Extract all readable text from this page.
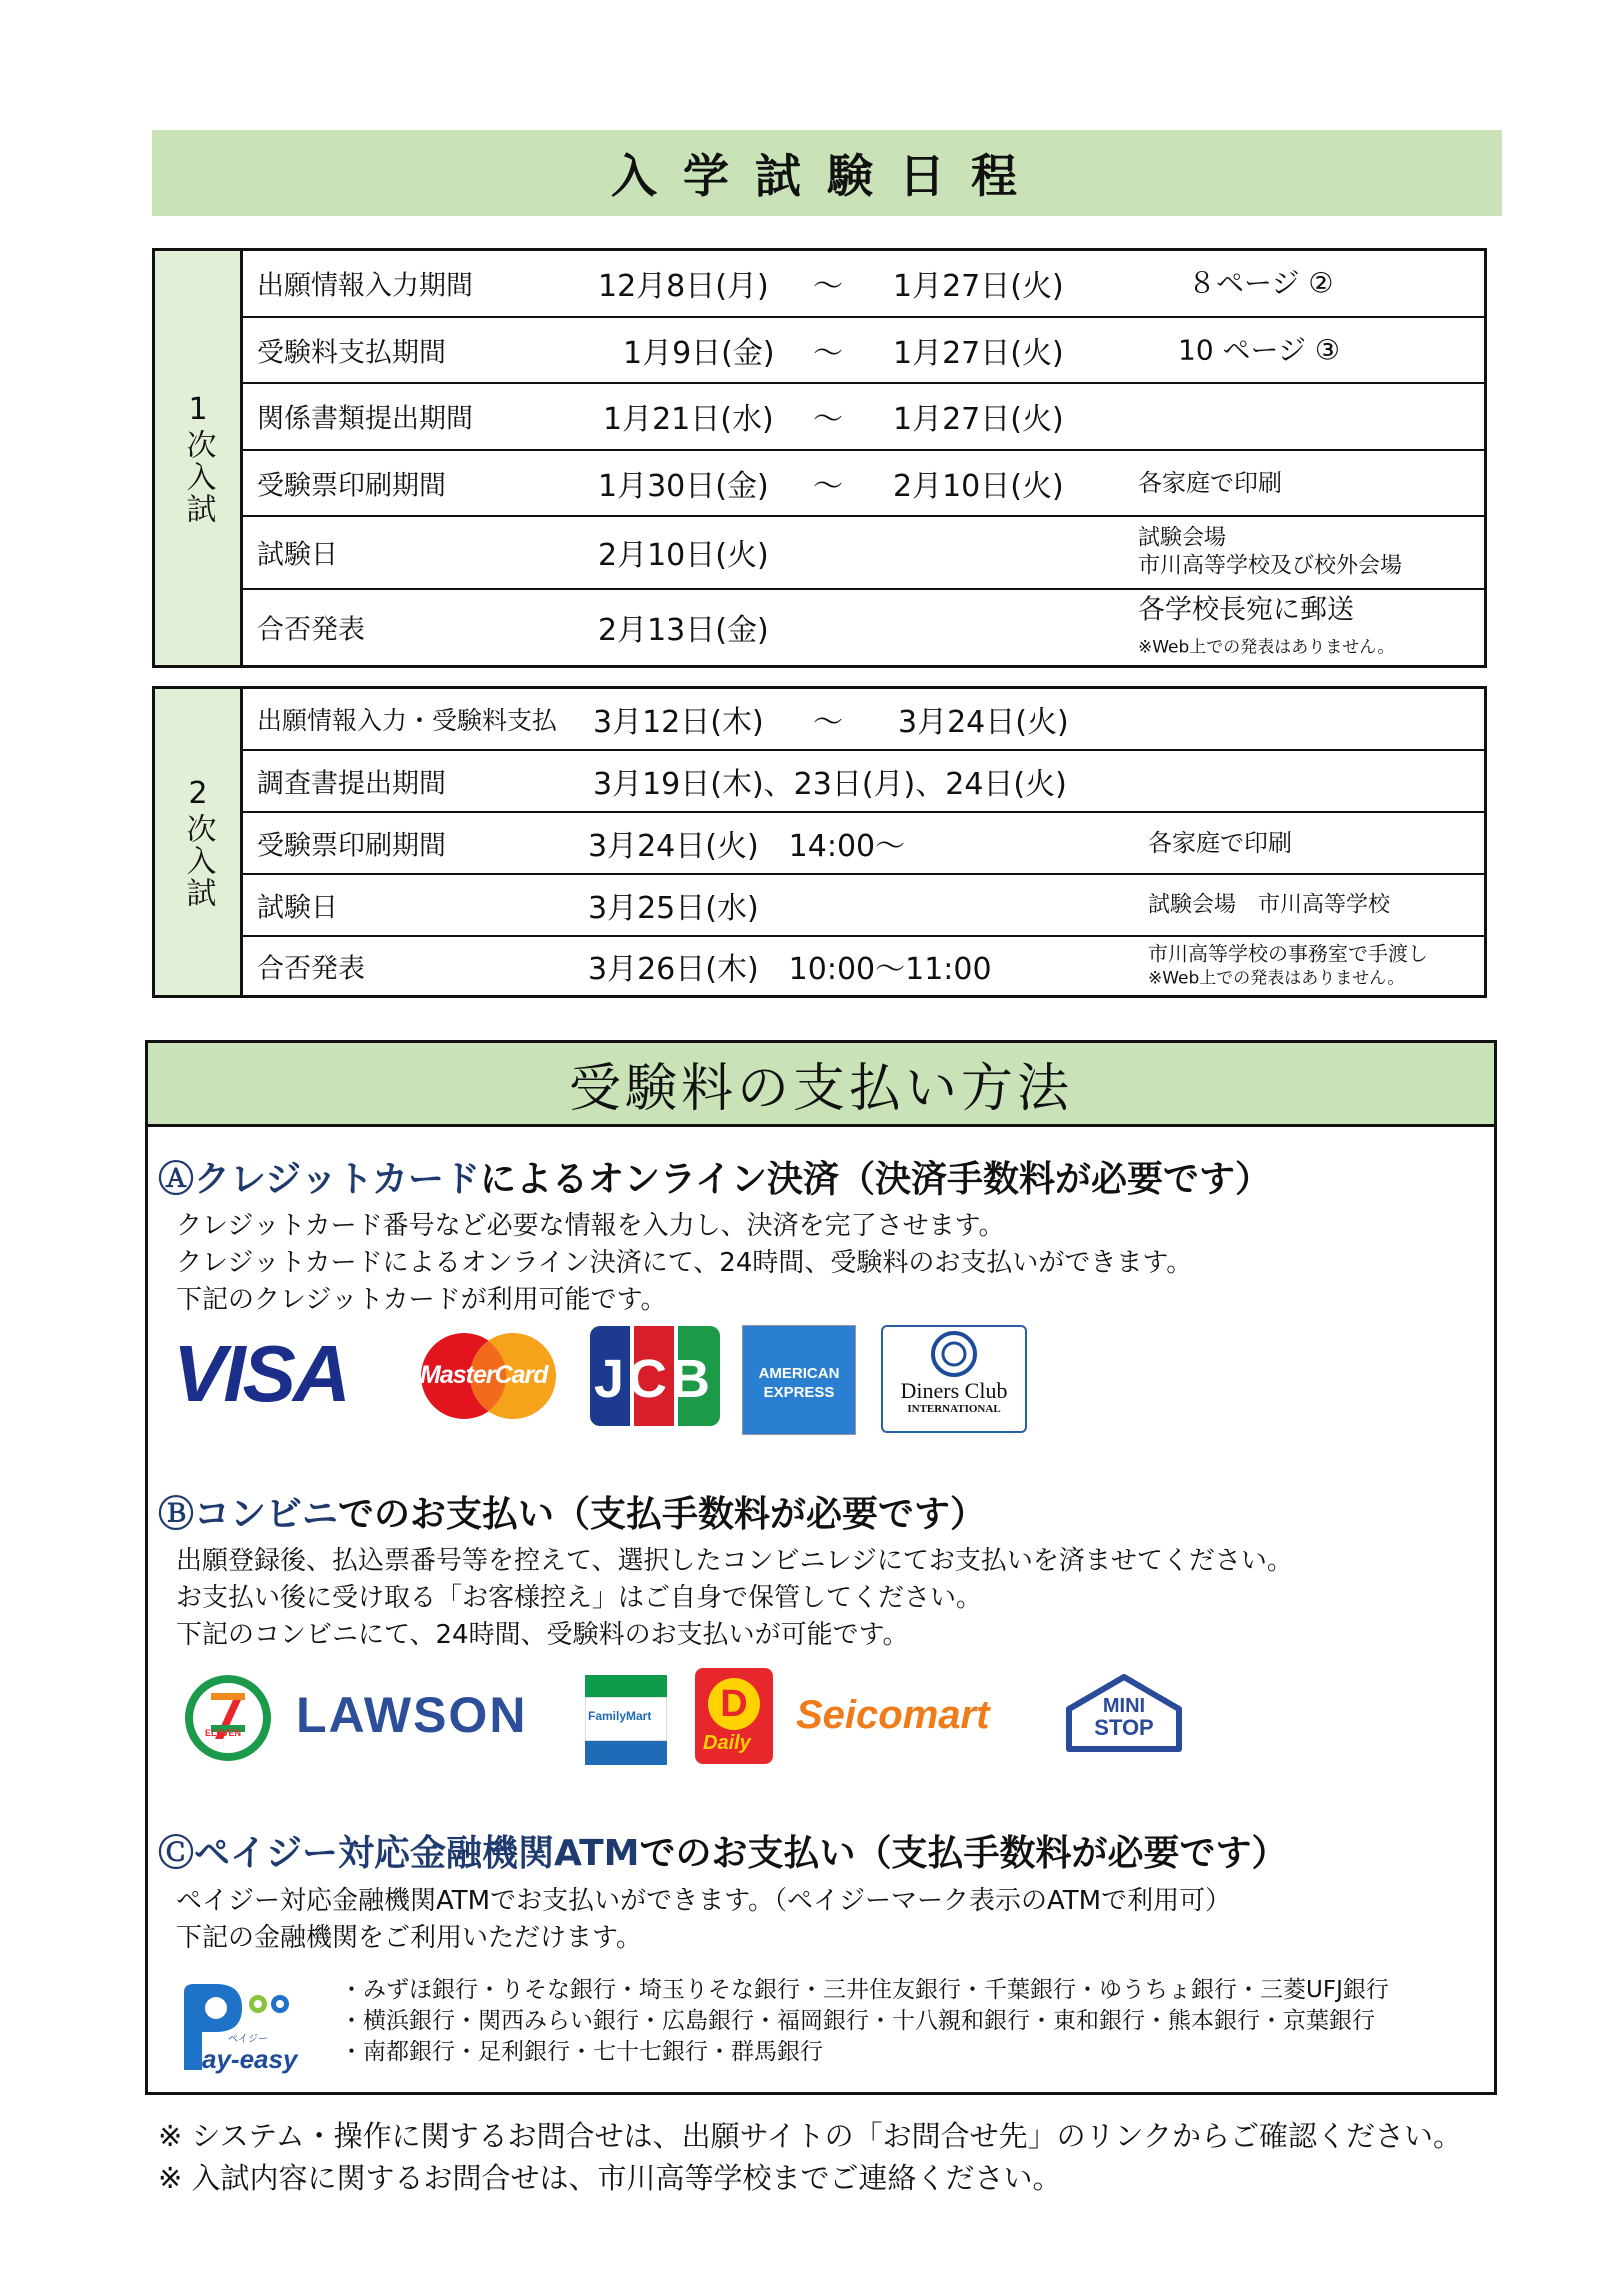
入学試験日程
1次入試
出願情報入力期間	12月8日(月) 〜 1月27日(火)	８ページ ②
受験料支払期間	1月9日(金) 〜 1月27日(火)	10 ページ ③
関係書類提出期間	1月21日(水) 〜 1月27日(火)
受験票印刷期間	1月30日(金) 〜 2月10日(火)	各家庭で印刷
試験日	2月10日(火)	試験会場
市川高等学校及び校外会場
合否発表	2月13日(金)
各学校長宛に郵送
※Web上での発表はありません。
2次入試
出願情報入力・受験料支払 3月12日(木) 〜 3月24日(火)
調査書提出期間	3月19日(木)、23日(月)、24日(火)
受験票印刷期間	3月24日(火)　14:00〜	各家庭で印刷
試験日	3月25日(水)	試験会場　市川高等学校
合否発表	3月26日(木)　10:00〜11:00	市川高等学校の事務室で手渡し
※Web上での発表はありません。
受験料の支払い方法
Ⓐクレジットカードによるオンライン決済（決済手数料が必要です）
クレジットカード番号など必要な情報を入力し、決済を完了させます。
クレジットカードによるオンライン決済にて、24時間、受験料のお支払いができます。
下記のクレジットカードが利用可能です。
VISA	MasterCard JCB	AMERICAN
EXPRESS	Diners Club
INTERNATIONAL
Ⓑコンビニでのお支払い（支払手数料が必要です）
出願登録後、払込票番号等を控えて、選択したコンビニレジにてお支払いを済ませてください。
お支払い後に受け取る「お客様控え」はご自身で保管してください。
下記のコンビニにて、24時間、受験料のお支払いが可能です。
ELEVEN LAWSON	FamilyMart	D
Daily
Seicomart	MINI
STOP
Ⓒペイジー対応金融機関ATMでのお支払い（支払手数料が必要です）
ペイジー対応金融機関ATMでお支払いができます。（ペイジーマーク表示のATMで利用可）
下記の金融機関をご利用いただけます。
ペイジー
ay-easy
・みずほ銀行・りそな銀行・埼玉りそな銀行・三井住友銀行・千葉銀行・ゆうちょ銀行・三菱UFJ銀行
・横浜銀行・関西みらい銀行・広島銀行・福岡銀行・十八親和銀行・東和銀行・熊本銀行・京葉銀行
・南都銀行・足利銀行・七十七銀行・群馬銀行
※ システム・操作に関するお問合せは、出願サイトの「お問合せ先」のリンクからご確認ください。
※ 入試内容に関するお問合せは、市川高等学校までご連絡ください。
